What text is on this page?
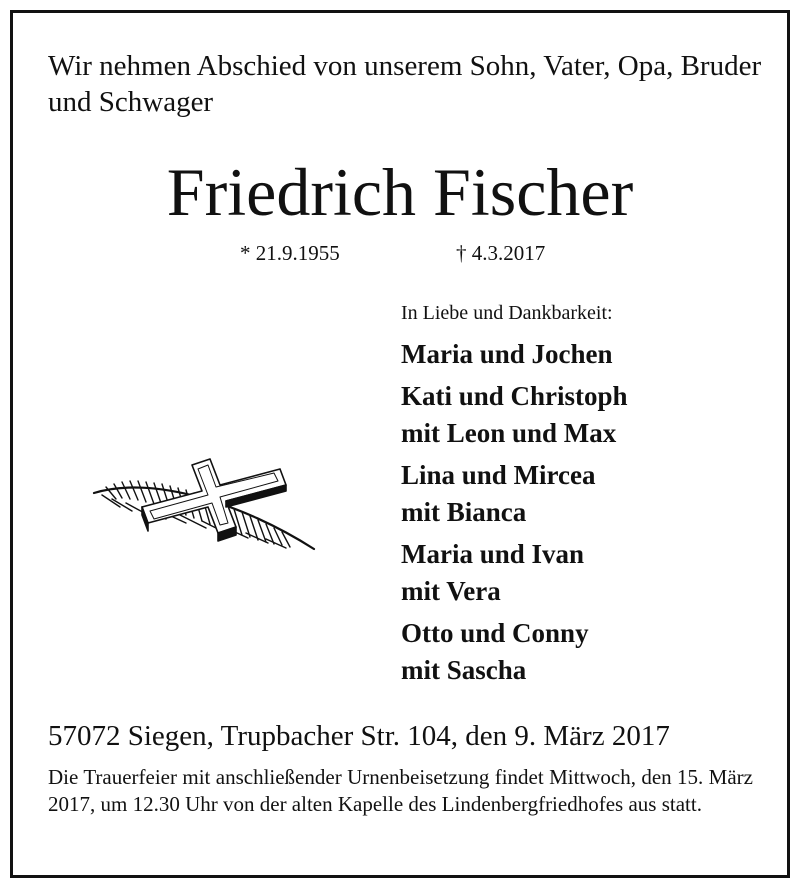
Wir nehmen Abschied von unserem Sohn, Vater, Opa, Bruder und Schwager
Friedrich Fischer
* 21.9.1955	† 4.3.2017
In Liebe und Dankbarkeit:
Maria und Jochen
Kati und Christoph
mit Leon und Max
Lina und Mircea
mit Bianca
Maria und Ivan
mit Vera
Otto und Conny
mit Sascha
57072 Siegen, Trupbacher Str. 104, den 9. März 2017
Die Trauerfeier mit anschließender Urnenbeisetzung findet Mittwoch, den 15. März 2017, um 12.30 Uhr von der alten Kapelle des Lindenbergfriedhofes aus statt.
